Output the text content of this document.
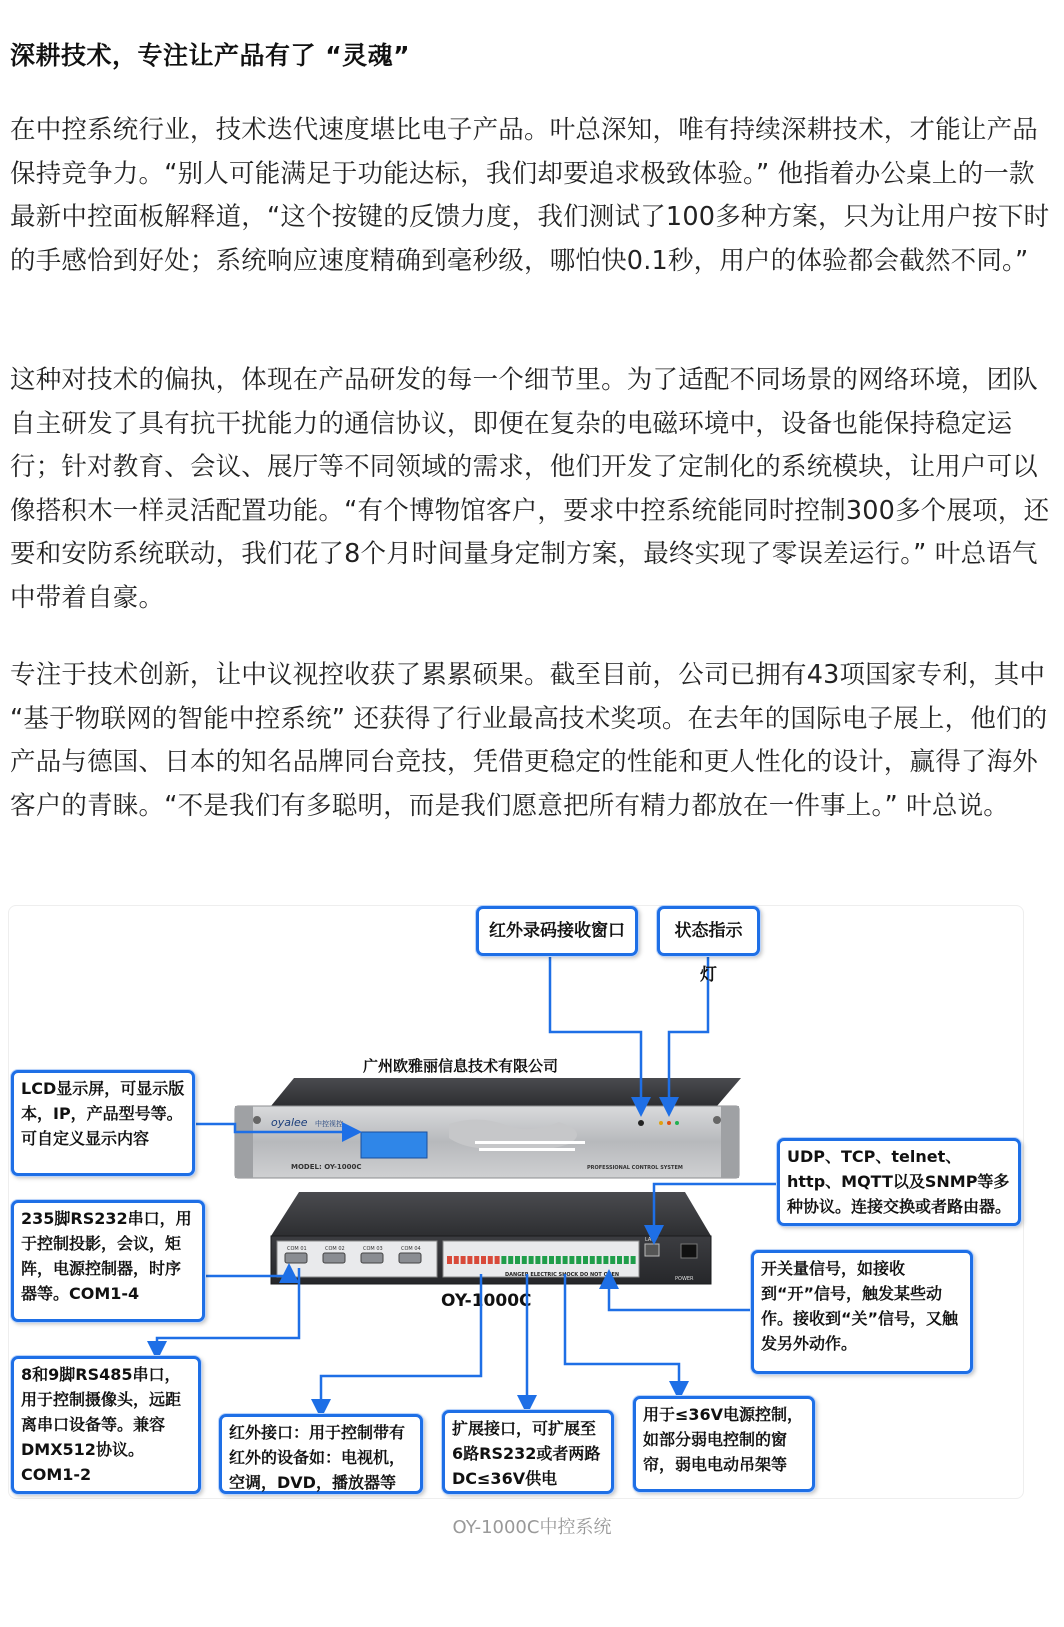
深耕技术，专注让产品有了 “灵魂”

在中控系统行业，技术迭代速度堪比电子产品。叶总深知，唯有持续深耕技术，才能让产品保持竞争力。“别人可能满足于功能达标，我们却要追求极致体验。” 他指着办公桌上的一款最新中控面板解释道，“这个按键的反馈力度，我们测试了100多种方案，只为让用户按下时的手感恰到好处；系统响应速度精确到毫秒级，哪怕快0.1秒，用户的体验都会截然不同。”

这种对技术的偏执，体现在产品研发的每一个细节里。为了适配不同场景的网络环境，团队自主研发了具有抗干扰能力的通信协议，即便在复杂的电磁环境中，设备也能保持稳定运行；针对教育、会议、展厅等不同领域的需求，他们开发了定制化的系统模块，让用户可以像搭积木一样灵活配置功能。“有个博物馆客户，要求中控系统能同时控制300多个展项，还要和安防系统联动，我们花了8个月时间量身定制方案，最终实现了零误差运行。” 叶总语气中带着自豪。

专注于技术创新，让中议视控收获了累累硕果。截至目前，公司已拥有43项国家专利，其中 “基于物联网的智能中控系统” 还获得了行业最高技术奖项。在去年的国际电子展上，他们的产品与德国、日本的知名品牌同台竞技，凭借更稳定的性能和更人性化的设计，赢得了海外客户的青睐。“不是我们有多聪明，而是我们愿意把所有精力都放在一件事上。” 叶总说。

oyalee 中控视控
MODEL: OY-1000C	PROFESSIONAL CONTROL SYSTEM
广州欧雅丽信息技术有限公司
COM 01	COM 02	COM 03	COM 04
DANGER ELECTRIC SHOCK DO NOT OPEN
LAN
POWER
OY-1000C
红外录码接收窗口	状态指示灯
LCD显示屏，可显示版本，IP，产品型号等。可自定义显示内容
UDP、TCP、telnet、http、MQTT以及SNMP等多种协议。连接交换或者路由器。
235脚RS232串口，用于控制投影，会议，矩阵，电源控制器，时序器等。COM1-4
开关量信号，如接收到“开”信号，触发某些动作。接收到“关”信号，又触发另外动作。
8和9脚RS485串口，用于控制摄像头，远距离串口设备等。兼容DMX512协议。COM1-2
红外接口：用于控制带有红外的设备如：电视机，空调，DVD，播放器等
扩展接口，可扩展至6路RS232或者两路DC≤36V供电
用于≤36V电源控制，如部分弱电控制的窗帘，弱电电动吊架等
OY-1000C中控系统
